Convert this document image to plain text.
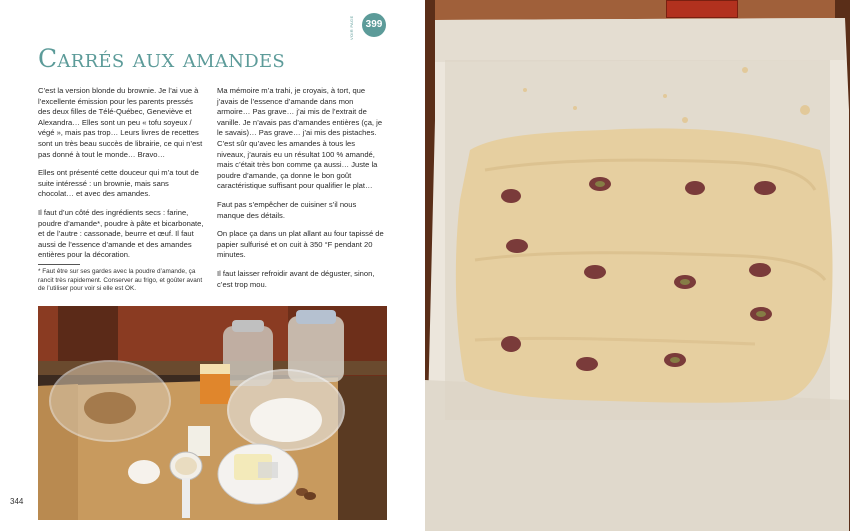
VOIR PAGE	399
Carrés aux amandes

C’est la version blonde du brownie. Je l’ai vue à l’excellente émission pour les parents pressés des deux filles de Télé-Québec, Geneviève et Alexandra… Elles sont un peu « tofu soyeux / végé », mais pas trop… Leurs livres de recettes sont un très beau succès de librairie, ce qui n’est pas donné à tout le monde… Bravo…

Elles ont présenté cette douceur qui m’a tout de suite intéressé : un brownie, mais sans chocolat… et avec des amandes.

Il faut d’un côté des ingrédients secs : farine, poudre d’amande*, poudre à pâte et bicarbonate, et de l’autre : cassonade, beurre et œuf. Il faut aussi de l’essence d’amande et des amandes entières pour la décoration.

* Faut être sur ses gardes avec la poudre d’amande, ça rancit très rapidement. Conserver au frigo, et goûter avant de l’utiliser pour voir si elle est OK.

Ma mémoire m’a trahi, je croyais, à tort, que j’avais de l’essence d’amande dans mon armoire… Pas grave… j’ai mis de l’extrait de vanille. Je n’avais pas d’amandes entières (ça, je le savais)… Pas grave… j’ai mis des pistaches. C’est sûr qu’avec les amandes à tous les niveaux, j’aurais eu un résultat 100 % amandé, mais c’était très bon comme ça aussi… Juste la poudre d’amande, ça donne le bon goût caractéristique suffisant pour qualifier le plat…

Faut pas s’empêcher de cuisiner s’il nous manque des détails.

On place ça dans un plat allant au four tapissé de papier sulfurisé et on cuit à 350 °F pendant 20 minutes.

Il faut laisser refroidir avant de déguster, sinon, c’est trop mou.

344
